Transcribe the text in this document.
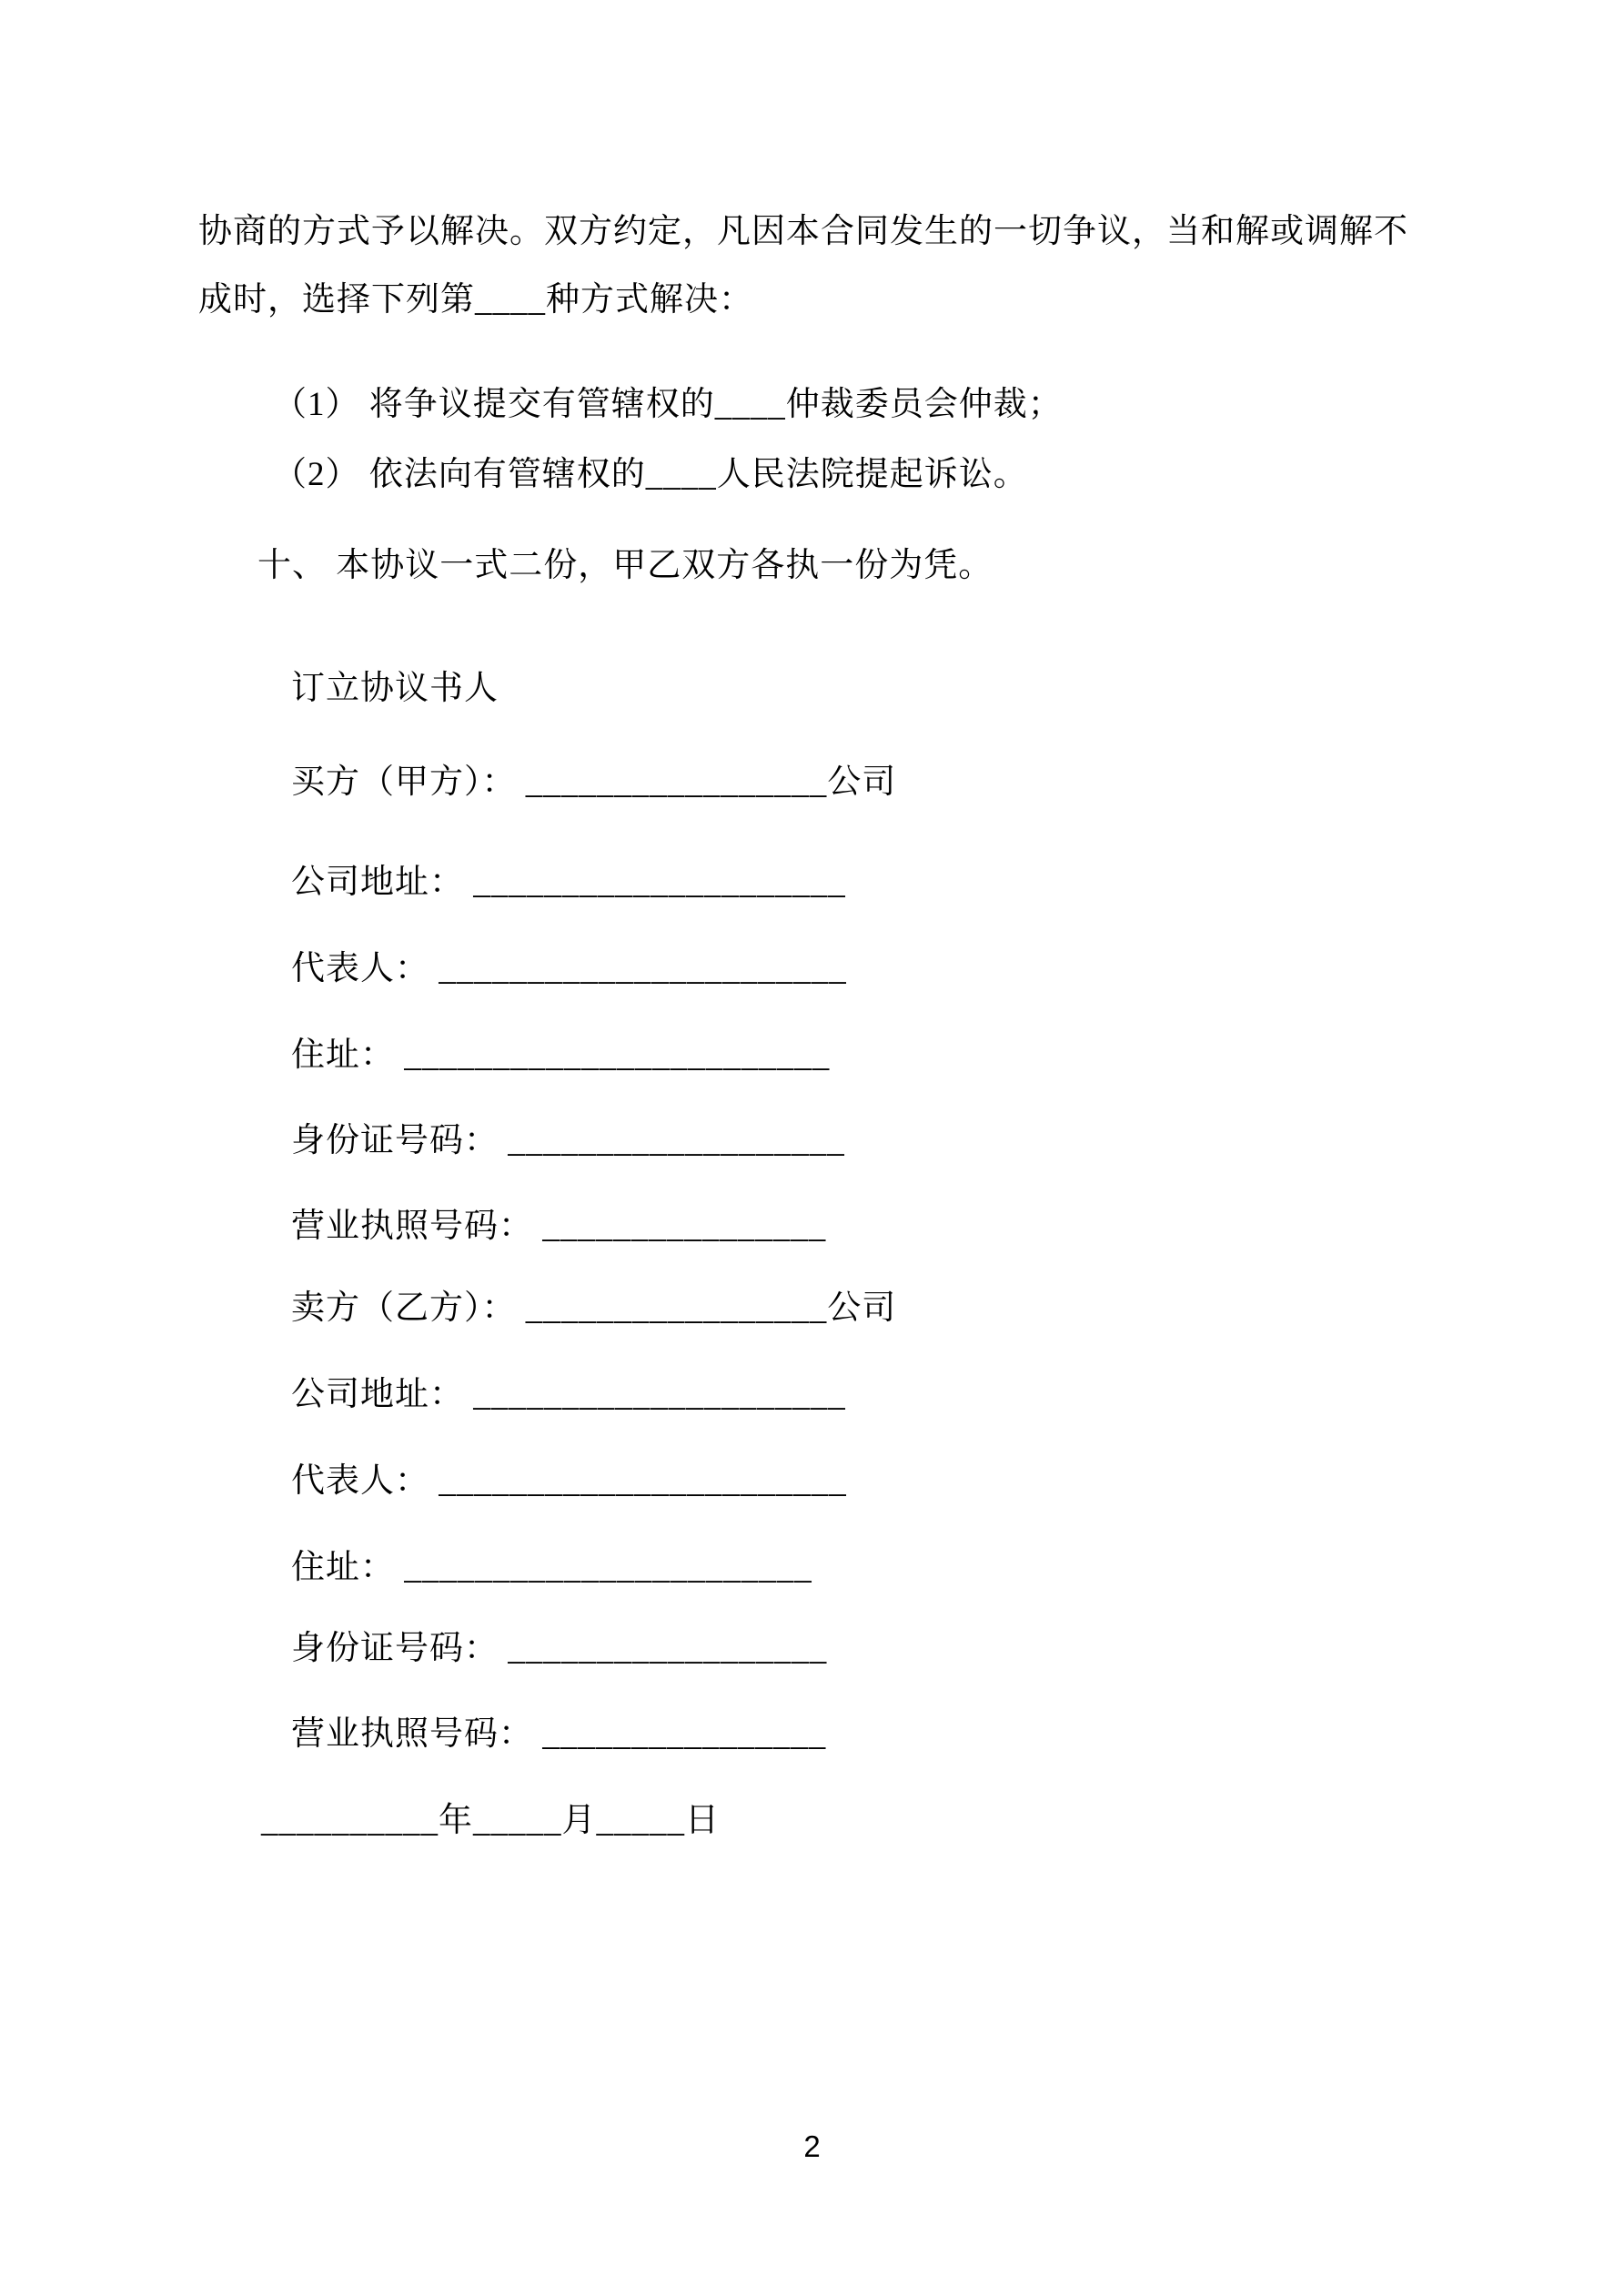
协商的方式予以解决。双方约定，凡因本合同发生的一切争议，当和解或调解不
成时，选择下列第____种方式解决：
（1） 将争议提交有管辖权的____仲裁委员会仲裁；
（2） 依法向有管辖权的____人民法院提起诉讼。
十、 本协议一式二份，甲乙双方各执一份为凭。
订立协议书人
买方（甲方）： _________________公司
公司地址： _____________________
代表人： _______________________
住址： ________________________
身份证号码： ___________________
营业执照号码： ________________
卖方（乙方）： _________________公司
公司地址： _____________________
代表人： _______________________
住址： _______________________
身份证号码： __________________
营业执照号码： ________________
__________年_____月_____日
2
